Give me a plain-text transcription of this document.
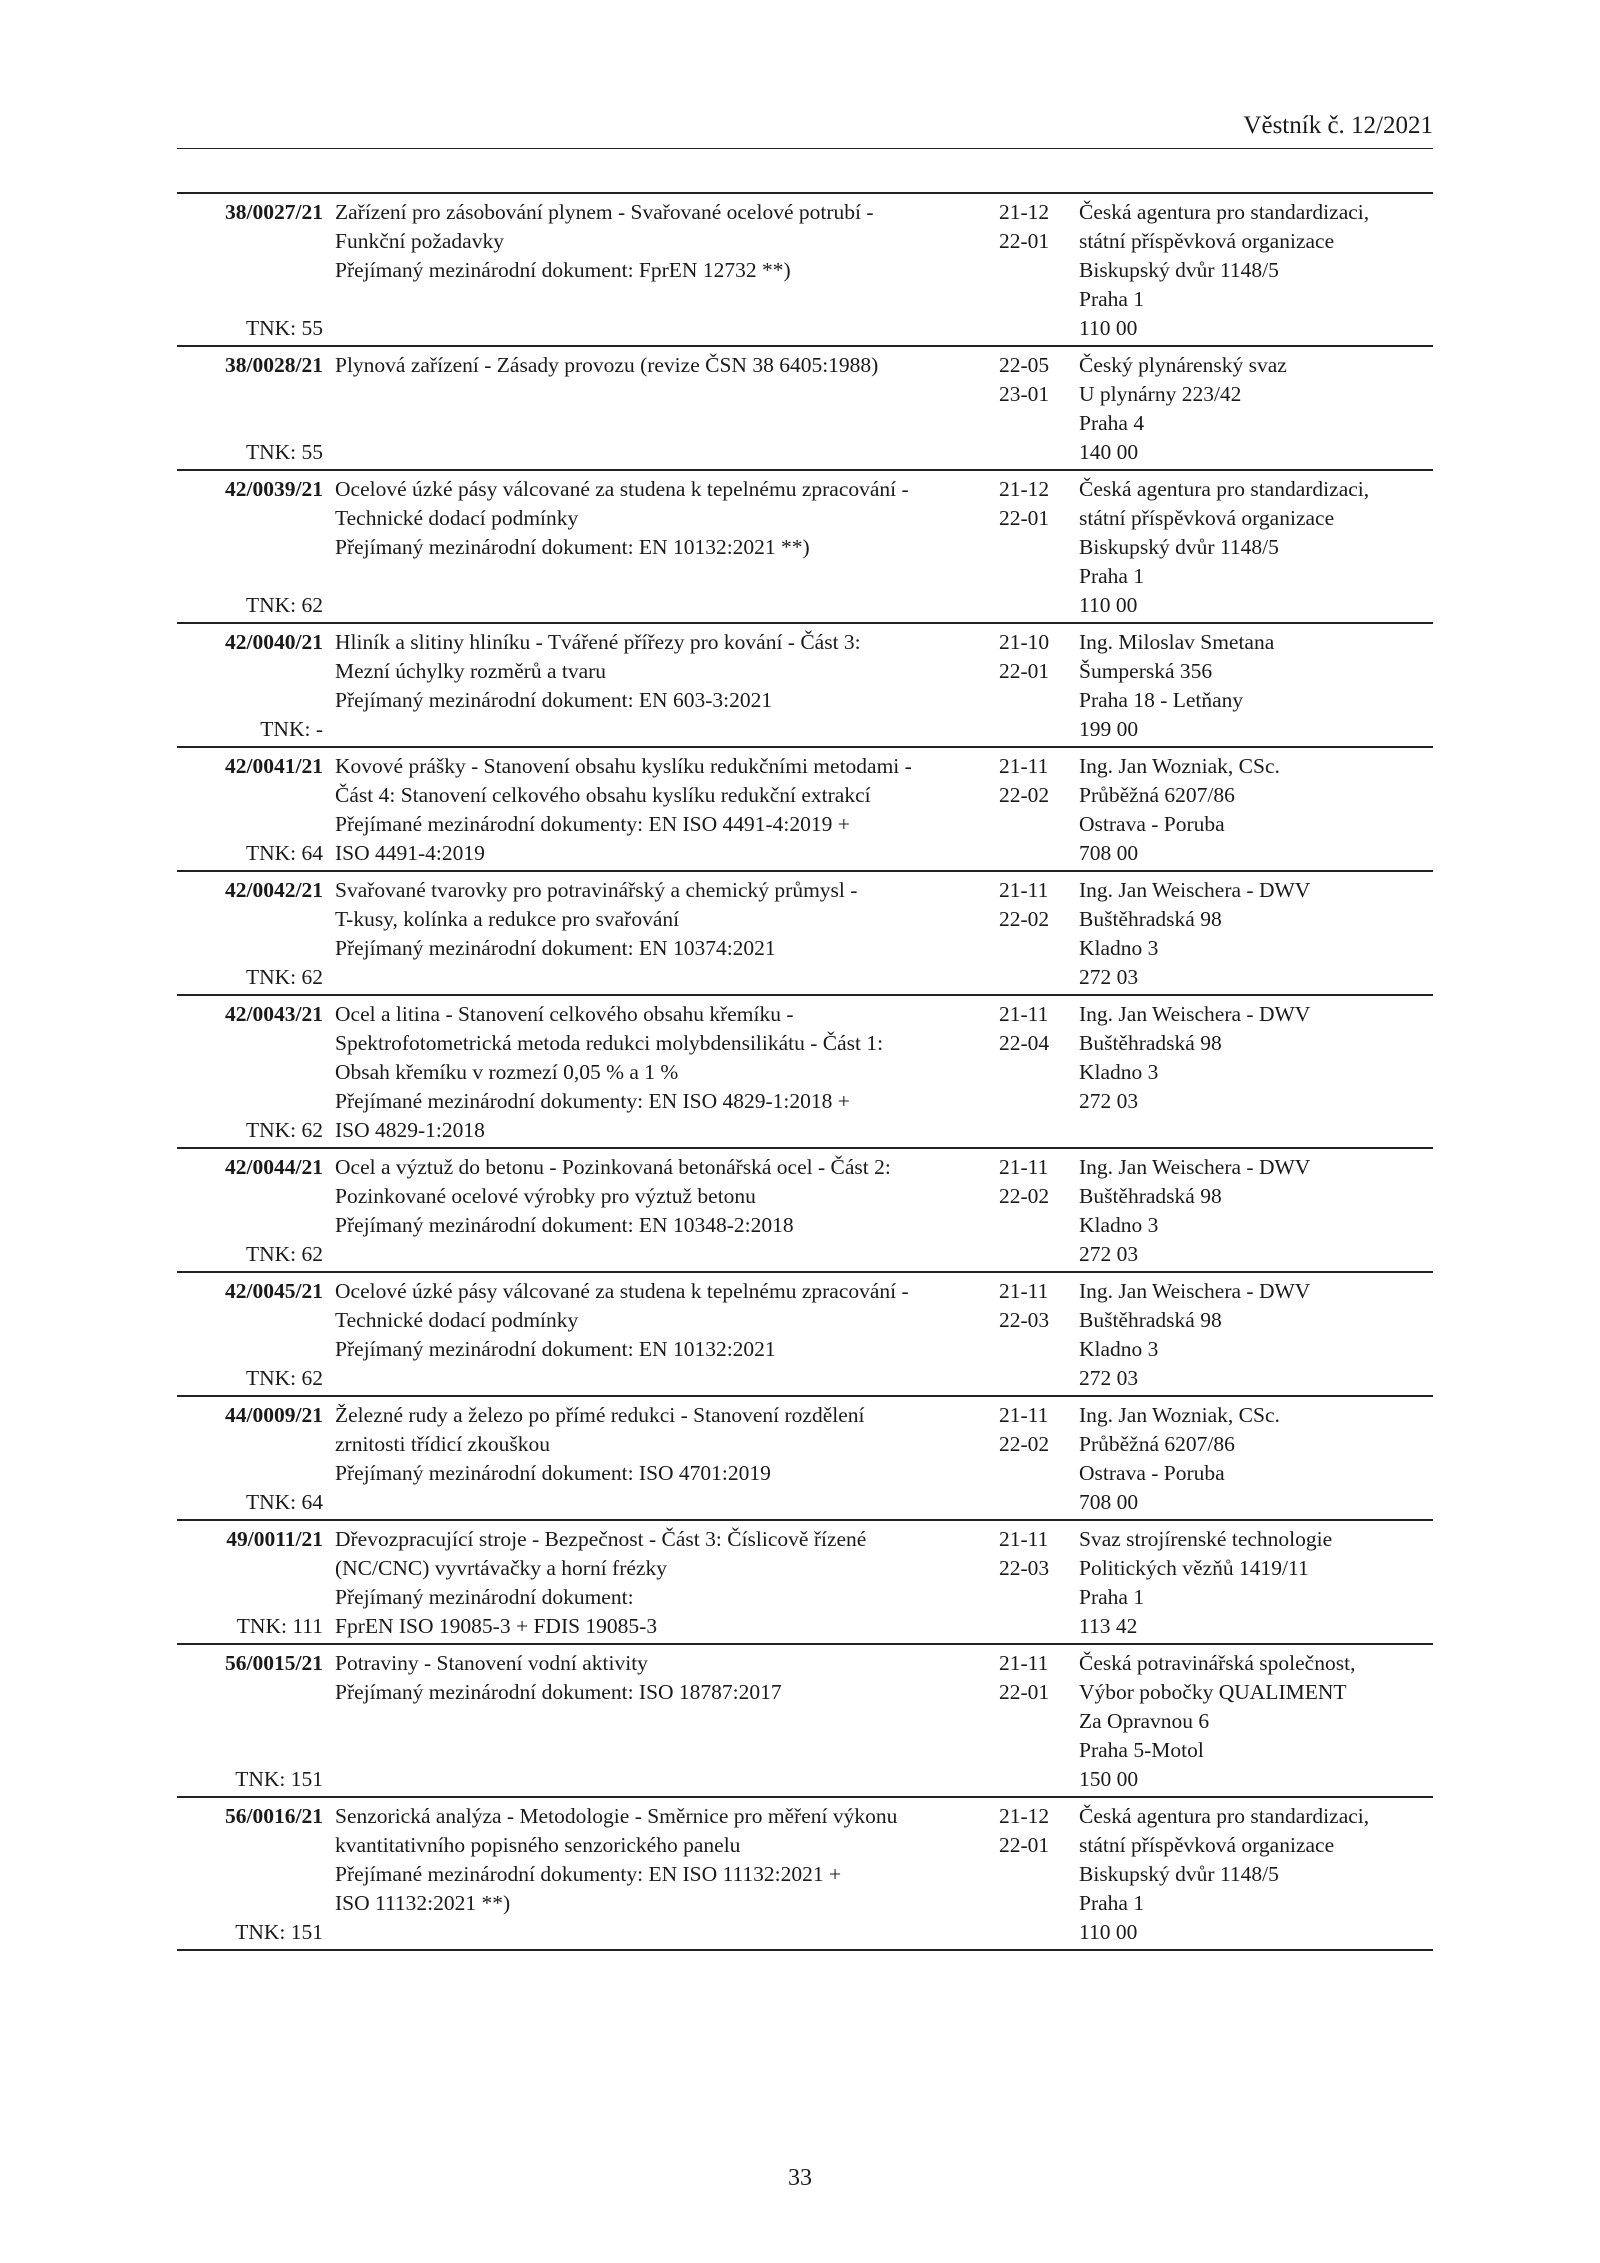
Věstník č. 12/2021
38/0027/21
TNK: 55
Zařízení pro zásobování plynem - Svařované ocelové potrubí -
Funkční požadavky
Přejímaný mezinárodní dokument: FprEN 12732 **)
21-12
22-01
Česká agentura pro standardizaci,
státní příspěvková organizace
Biskupský dvůr 1148/5
Praha 1
110 00
38/0028/21
TNK: 55
Plynová zařízení - Zásady provozu (revize ČSN 38 6405:1988)	22-05
23-01
Český plynárenský svaz
U plynárny 223/42
Praha 4
140 00
42/0039/21
TNK: 62
Ocelové úzké pásy válcované za studena k tepelnému zpracování -
Technické dodací podmínky
Přejímaný mezinárodní dokument: EN 10132:2021 **)
21-12
22-01
Česká agentura pro standardizaci,
státní příspěvková organizace
Biskupský dvůr 1148/5
Praha 1
110 00
42/0040/21
TNK: -
Hliník a slitiny hliníku - Tvářené přířezy pro kování - Část 3:
Mezní úchylky rozměrů a tvaru
Přejímaný mezinárodní dokument: EN 603-3:2021
21-10
22-01
Ing. Miloslav Smetana
Šumperská 356
Praha 18 - Letňany
199 00
42/0041/21
TNK: 64
Kovové prášky - Stanovení obsahu kyslíku redukčními metodami -
Část 4: Stanovení celkového obsahu kyslíku redukční extrakcí
Přejímané mezinárodní dokumenty: EN ISO 4491-4:2019 +
ISO 4491-4:2019
21-11
22-02
Ing. Jan Wozniak, CSc.
Průběžná 6207/86
Ostrava - Poruba
708 00
42/0042/21
TNK: 62
Svařované tvarovky pro potravinářský a chemický průmysl -
T-kusy, kolínka a redukce pro svařování
Přejímaný mezinárodní dokument: EN 10374:2021
21-11
22-02
Ing. Jan Weischera - DWV
Buštěhradská 98
Kladno 3
272 03
42/0043/21
TNK: 62
Ocel a litina - Stanovení celkového obsahu křemíku -
Spektrofotometrická metoda redukci molybdensilikátu - Část 1:
Obsah křemíku v rozmezí 0,05 % a 1 %
Přejímané mezinárodní dokumenty: EN ISO 4829-1:2018 +
ISO 4829-1:2018
21-11
22-04
Ing. Jan Weischera - DWV
Buštěhradská 98
Kladno 3
272 03
42/0044/21
TNK: 62
Ocel a výztuž do betonu - Pozinkovaná betonářská ocel - Část 2:
Pozinkované ocelové výrobky pro výztuž betonu
Přejímaný mezinárodní dokument: EN 10348-2:2018
21-11
22-02
Ing. Jan Weischera - DWV
Buštěhradská 98
Kladno 3
272 03
42/0045/21
TNK: 62
Ocelové úzké pásy válcované za studena k tepelnému zpracování -
Technické dodací podmínky
Přejímaný mezinárodní dokument: EN 10132:2021
21-11
22-03
Ing. Jan Weischera - DWV
Buštěhradská 98
Kladno 3
272 03
44/0009/21
TNK: 64
Železné rudy a železo po přímé redukci - Stanovení rozdělení
zrnitosti třídicí zkouškou
Přejímaný mezinárodní dokument: ISO 4701:2019
21-11
22-02
Ing. Jan Wozniak, CSc.
Průběžná 6207/86
Ostrava - Poruba
708 00
49/0011/21
TNK: 111
Dřevozpracující stroje - Bezpečnost - Část 3: Číslicově řízené
(NC/CNC) vyvrtávačky a horní frézky
Přejímaný mezinárodní dokument:
FprEN ISO 19085-3 + FDIS 19085-3
21-11
22-03
Svaz strojírenské technologie
Politických vězňů 1419/11
Praha 1
113 42
56/0015/21
TNK: 151
Potraviny - Stanovení vodní aktivity
Přejímaný mezinárodní dokument: ISO 18787:2017
21-11
22-01
Česká potravinářská společnost,
Výbor pobočky QUALIMENT
Za Opravnou 6
Praha 5-Motol
150 00
56/0016/21
TNK: 151
Senzorická analýza - Metodologie - Směrnice pro měření výkonu
kvantitativního popisného senzorického panelu
Přejímané mezinárodní dokumenty: EN ISO 11132:2021 +
ISO 11132:2021 **)
21-12
22-01
Česká agentura pro standardizaci,
státní příspěvková organizace
Biskupský dvůr 1148/5
Praha 1
110 00
33
